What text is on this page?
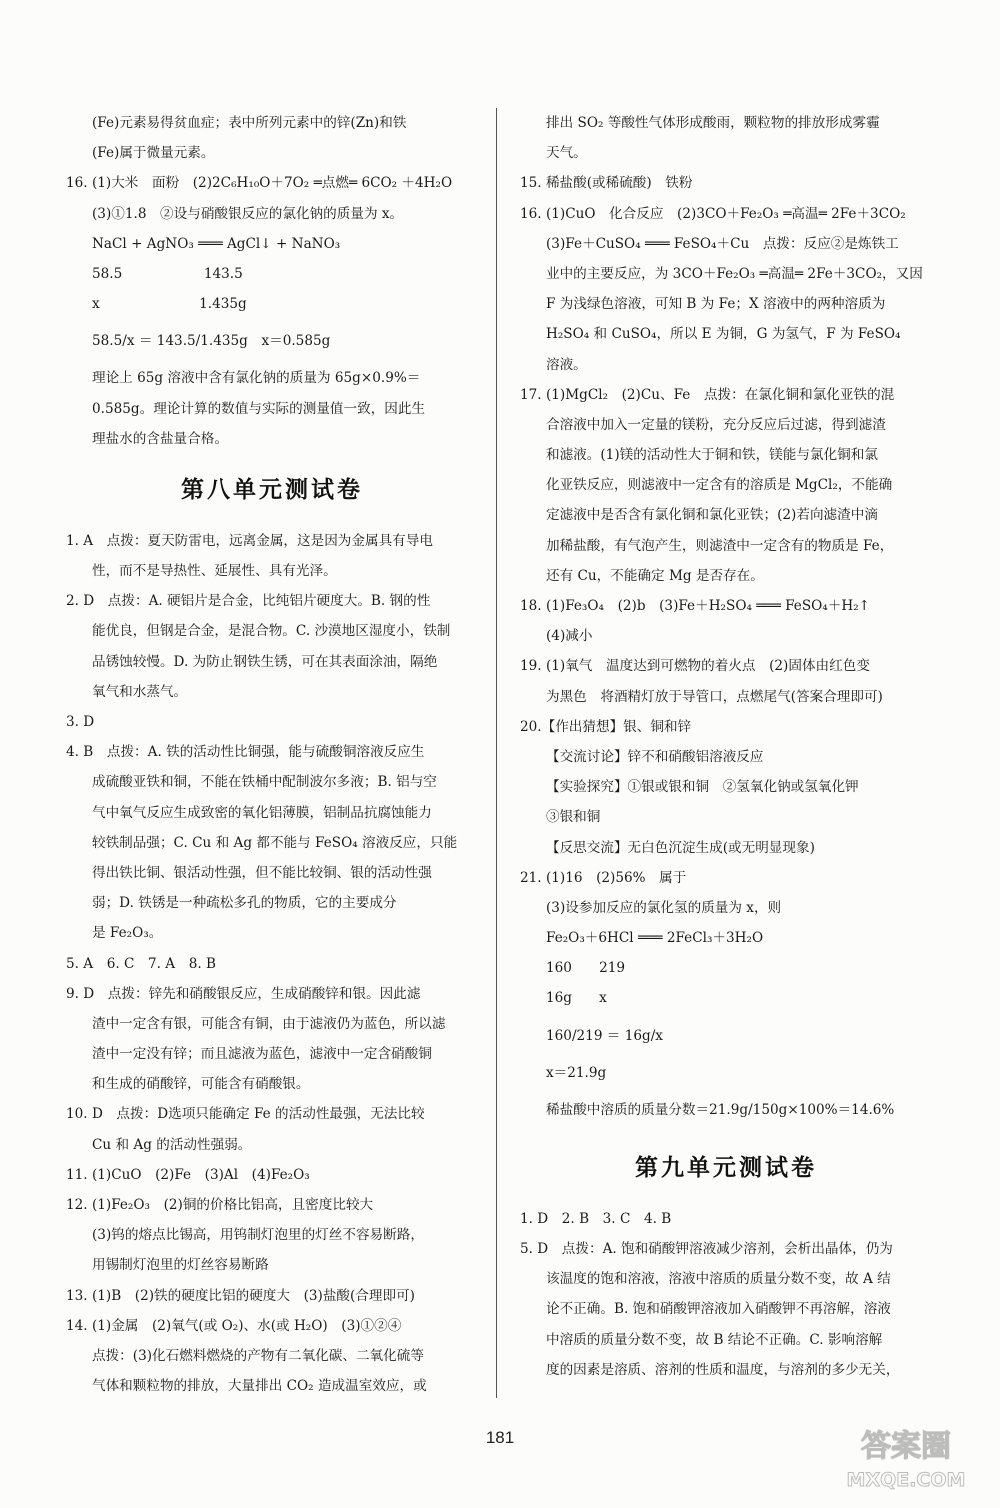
(Fe)元素易得贫血症；表中所列元素中的锌(Zn)和铁
(Fe)属于微量元素。
16. (1)大米　面粉　(2)2C₆H₁₀O＋7O₂ ═点燃═ 6CO₂ ＋4H₂O
(3)①1.8　②设与硝酸银反应的氯化钠的质量为 x。
NaCl + AgNO₃ ═══ AgCl↓ + NaNO₃
58.5　　　　　　143.5
x　　　　　　　 1.435g
58.5/x ＝ 143.5/1.435g　x＝0.585g
理论上 65g 溶液中含有氯化钠的质量为 65g×0.9%＝
0.585g。理论计算的数值与实际的测量值一致，因此生
理盐水的含盐量合格。
第八单元测试卷
1. A　点拨：夏天防雷电，远离金属，这是因为金属具有导电
性，而不是导热性、延展性、具有光泽。
2. D　点拨：A. 硬铝片是合金，比纯铝片硬度大。B. 钢的性
能优良，但钢是合金，是混合物。C. 沙漠地区湿度小，铁制
品锈蚀较慢。D. 为防止钢铁生锈，可在其表面涂油，隔绝
氧气和水蒸气。
3. D
4. B　点拨：A. 铁的活动性比铜强，能与硫酸铜溶液反应生
成硫酸亚铁和铜，不能在铁桶中配制波尔多液；B. 铝与空
气中氧气反应生成致密的氧化铝薄膜，铝制品抗腐蚀能力
较铁制品强；C. Cu 和 Ag 都不能与 FeSO₄ 溶液反应，只能
得出铁比铜、银活动性强，但不能比较铜、银的活动性强
弱；D. 铁锈是一种疏松多孔的物质，它的主要成分
是 Fe₂O₃。
5. A　6. C　7. A　8. B
9. D　点拨：锌先和硝酸银反应，生成硝酸锌和银。因此滤
渣中一定含有银，可能含有铜，由于滤液仍为蓝色，所以滤
渣中一定没有锌；而且滤液为蓝色，滤液中一定含硝酸铜
和生成的硝酸锌，可能含有硝酸银。
10. D　点拨：D选项只能确定 Fe 的活动性最强，无法比较
Cu 和 Ag 的活动性强弱。
11. (1)CuO　(2)Fe　(3)Al　(4)Fe₂O₃
12. (1)Fe₂O₃　(2)铜的价格比铝高，且密度比较大
(3)钨的熔点比锡高，用钨制灯泡里的灯丝不容易断路，
用锡制灯泡里的灯丝容易断路
13. (1)B　(2)铁的硬度比铝的硬度大　(3)盐酸(合理即可)
14. (1)金属　(2)氧气(或 O₂)、水(或 H₂O)　(3)①②④
点拨：(3)化石燃料燃烧的产物有二氧化碳、二氧化硫等
气体和颗粒物的排放，大量排出 CO₂ 造成温室效应，或
排出 SO₂ 等酸性气体形成酸雨，颗粒物的排放形成雾霾
天气。
15. 稀盐酸(或稀硫酸)　铁粉
16. (1)CuO　化合反应　(2)3CO＋Fe₂O₃ ═高温═ 2Fe＋3CO₂
(3)Fe＋CuSO₄ ═══ FeSO₄＋Cu　点拨：反应②是炼铁工
业中的主要反应，为 3CO＋Fe₂O₃ ═高温═ 2Fe＋3CO₂，又因
F 为浅绿色溶液，可知 B 为 Fe；X 溶液中的两种溶质为
H₂SO₄ 和 CuSO₄，所以 E 为铜，G 为氢气，F 为 FeSO₄
溶液。
17. (1)MgCl₂　(2)Cu、Fe　点拨：在氯化铜和氯化亚铁的混
合溶液中加入一定量的镁粉，充分反应后过滤，得到滤渣
和滤液。(1)镁的活动性大于铜和铁，镁能与氯化铜和氯
化亚铁反应，则滤液中一定含有的溶质是 MgCl₂，不能确
定滤液中是否含有氯化铜和氯化亚铁；(2)若向滤渣中滴
加稀盐酸，有气泡产生，则滤渣中一定含有的物质是 Fe，
还有 Cu，不能确定 Mg 是否存在。
18. (1)Fe₃O₄　(2)b　(3)Fe＋H₂SO₄ ═══ FeSO₄＋H₂↑
(4)减小
19. (1)氧气　温度达到可燃物的着火点　(2)固体由红色变
为黑色　将酒精灯放于导管口，点燃尾气(答案合理即可)
20.【作出猜想】银、铜和锌
【交流讨论】锌不和硝酸铝溶液反应
【实验探究】①银或银和铜　②氢氧化钠或氢氧化钾
③银和铜
【反思交流】无白色沉淀生成(或无明显现象)
21. (1)16　(2)56%　属于
(3)设参加反应的氯化氢的质量为 x，则
Fe₂O₃＋6HCl ═══ 2FeCl₃＋3H₂O
160　　219
16g　　x
160/219 ＝ 16g/x
x＝21.9g
稀盐酸中溶质的质量分数＝21.9g/150g×100%＝14.6%
第九单元测试卷
1. D　2. B　3. C　4. B
5. D　点拨：A. 饱和硝酸钾溶液减少溶剂，会析出晶体，仍为
该温度的饱和溶液，溶液中溶质的质量分数不变，故 A 结
论不正确。B. 饱和硝酸钾溶液加入硝酸钾不再溶解，溶液
中溶质的质量分数不变，故 B 结论不正确。C. 影响溶解
度的因素是溶质、溶剂的性质和温度，与溶剂的多少无关，
181	答案圈
MXQE.COM
